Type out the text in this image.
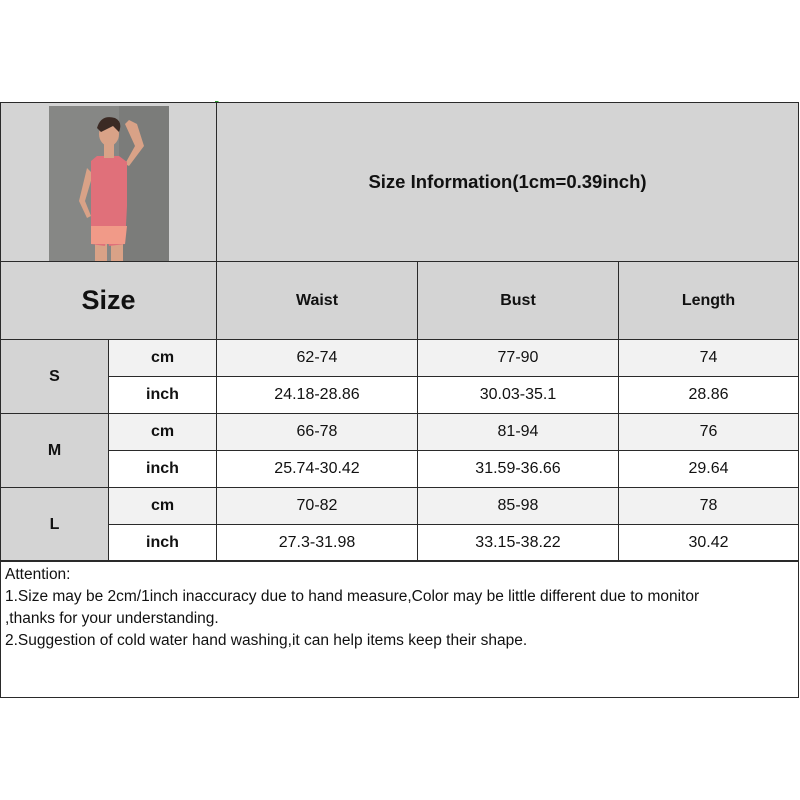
Size Information(1cm=0.39inch)
Size	Waist	Bust	Length
S
cm	62-74	77-90	74
inch	24.18-28.86	30.03-35.1	28.86
M
cm	66-78	81-94	76
inch	25.74-30.42	31.59-36.66	29.64
L
cm	70-82	85-98	78
inch	27.3-31.98	33.15-38.22	30.42
Attention:
1.Size may be 2cm/1inch inaccuracy due to hand measure,Color may be little different due to monitor
,thanks for your understanding.
2.Suggestion of cold water hand washing,it can help items keep their shape.
